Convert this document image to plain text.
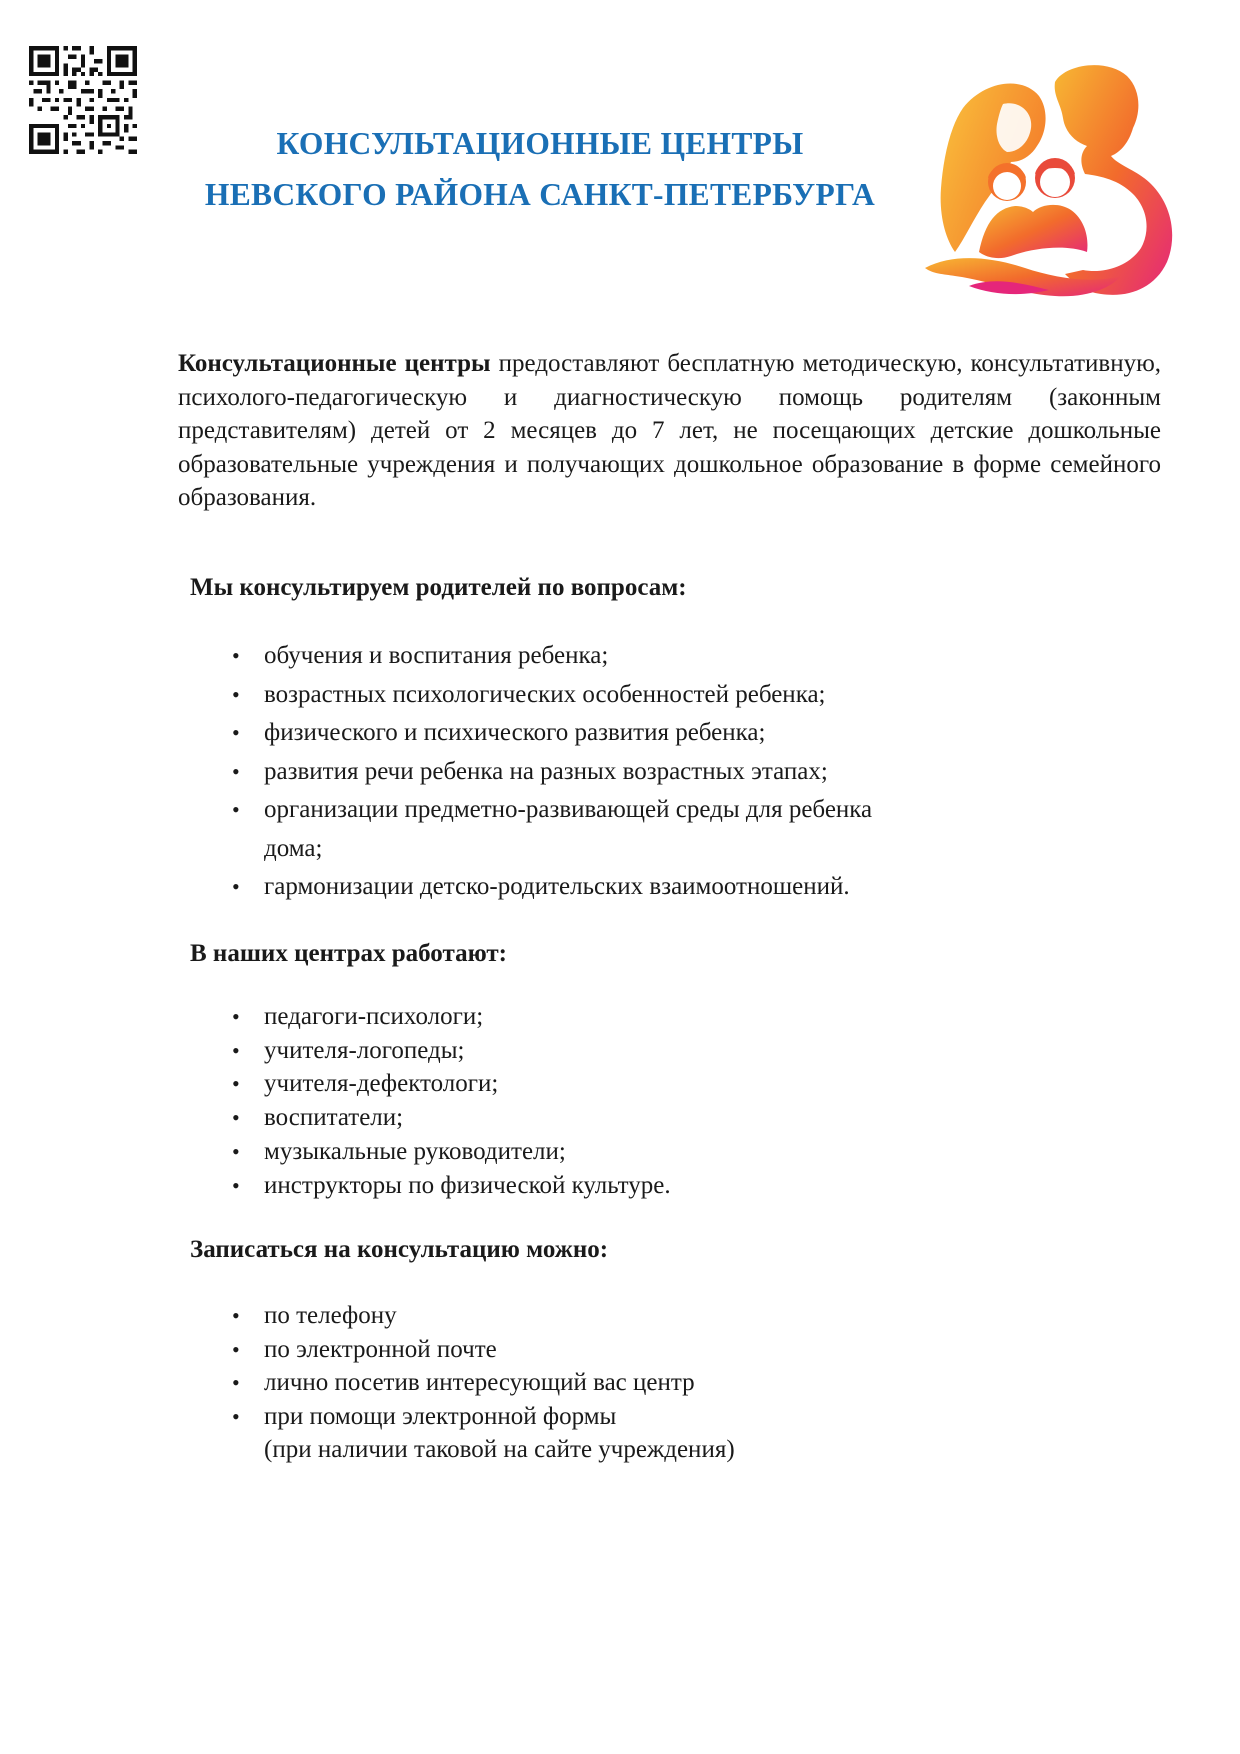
КОНСУЛЬТАЦИОННЫЕ ЦЕНТРЫ
НЕВСКОГО РАЙОНА САНКТ-ПЕТЕРБУРГА
Консультационные центры предоставляют бесплатную методическую, консультативную, психолого-педагогическую и диагностическую помощь родителям (законным представителям) детей от 2 месяцев до 7 лет, не посещающих детские дошкольные образовательные учреждения и получающих дошкольное образование в форме семейного образования.
Мы консультируем родителей по вопросам:
• обучения и воспитания ребенка;
• возрастных психологических особенностей ребенка;
• физического и психического развития ребенка;
• развития речи ребенка на разных возрастных этапах;
• организации предметно-развивающей среды для ребенка
дома;
• гармонизации детско-родительских взаимоотношений.
В наших центрах работают:
• педагоги-психологи;
• учителя-логопеды;
• учителя-дефектологи;
• воспитатели;
• музыкальные руководители;
• инструкторы по физической культуре.
Записаться на консультацию можно:
• по телефону
• по электронной почте
• лично посетив интересующий вас центр
• при помощи электронной формы
(при наличии таковой на сайте учреждения)
